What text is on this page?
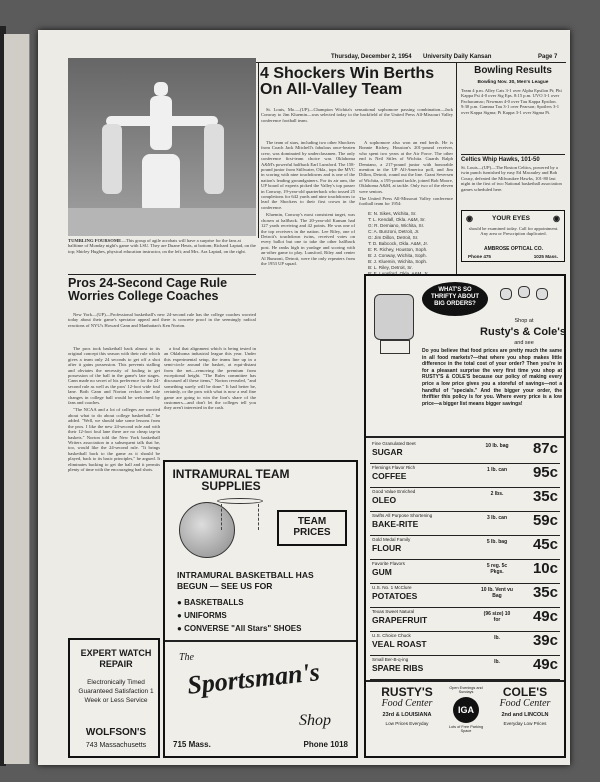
Thursday, December 2, 1954 University Daily Kansan	Page 7
TUMBLING FOURSOME—This group of agile acrobats will have a surprise for the fans at halftime of Monday night's game with LSU. They are Duane Heuts, at bottom; Richard Laptad, on the top; Shirley Hughes, physical education instructor, on the left; and Mrs. Ara Laptad, on the right.
4 Shockers Win Berths On All-Valley Team

St. Louis, Mo.—(UP)—Champion Wichita's sensational sophomore passing combination—Jack Conway to Jim Kluemin—was selected today to the backfield of the United Press All-Missouri Valley conference football team.

The team of stars, including two other Shockers from Coach Jack Mitchell's fabulous once-beaten crew, was dominated by underclassmen. The only conference first-team choice was Oklahoma A&M's powerful halfback Earl Lunsford. The 158-pound junior from Stillwater, Okla., tops the MVC in scoring with nine touchdowns and is one of the nation's leading groundgainers. For its air arm, the UP board of experts picked the Valley's top passer in Conway, 19-year-old quarterback who tossed 25 completions for 642 yards and nine touchdowns to lead the Shockers to their first crown in the conference.

Kluemin, Conway's most consistent target, was chosen at halfback. The 20-year-old Kansan had 127 yards receiving and 42 points. He was one of the top receivers in the nation. Lee Riley, one of Detroit's touchdown twins, received votes on every ballot but one to take the other halfback post. He ranks high in yardage and scoring with an-other game to play. Lunsford, Riley and center Al Bunzoni, Detroit, were the only repeaters from the 1953 UP squad.

A sophomore also won an end berth. He is Bonnie Richey, Houston's 201-pound receiver, who spent two years at the Air Force. The other end is Neil Stiles of Wichita. Guards Ralph Demiano, a 217-pound junior with honorable mention in the UP All-America poll, and Jim Dillon, Detroit, round out the line. Grant Seversen of Wichita, a 195-pound tackle, joined Bob Moore, Oklahoma A&M, at tackle. Only two of the eleven were seniors.

The United Press All-Missouri Valley conference football team for 1954:
E: N. Sikes, Wichita, Sr.
T: L. Kendall, Okla. A&M, Sr.
G: R. Demiano, Wichita, Sr.
C: A. Bunzoni, Detroit, Jr.
G: Jim Dillon, Detroit, Sr.
T: D. Babcock, Okla. A&M, Jr.
E: R. Richey, Houston, Soph.
B: J. Conway, Wichita, Soph.
B: J. Kluemin, Wichita, Soph.
B: L. Riley, Detroit, Sr.
Bowling Results
Bowling Nov. 30, Men's League
Team 4 p.m. Alley Cats 3-1 over Alpha Epsilon Pi; Phi Kappa Psi 4-0 over Sig Eps. 8:15 p.m. UVO 3-1 over Pachacamac; Newman 4-0 over Tau Kappa Epsilon. 9:30 p.m. Gamma Tau 3-1 over Pearson; Spoilers 3-1 over Kappa Sigma; Pi Kappa 3-1 over Sigma Pi.
Celtics Whip Hawks, 101-50
St. Louis—(UP)—The Boston Celtics, powered by a twin punch furnished by easy Ed Macauley and Bob Cousy, defeated the Milwaukee Hawks, 101-80 last night in the first of two National basketball association games scheduled here.
◉	YOUR EYES	◉
should be examined today. Call for appointment. Any area or Prescription duplicated.
AMBROSE OPTICAL CO.
Phone 475	1025 Mass.
Pros 24-Second Cage Rule Worries College Coaches

New York—(UP)—Professional basketball's new 24-second rule has the college coaches worried today about their game's spectator appeal and there is concrete proof in the seemingly radical reactions of NYU's Howard Cann and Manhattan's Ken Norton.

The pros took basketball back almost to its original concept this season with their rule which gives a team only 24 seconds to get off a shot after it gains possession. This prevents stalling and obviates the necessity of fouling to get possession of the ball in the game's late stages. Cann made no secret of his preference for the 24-second rule as well as the pros' 12-foot wide foul lane. Both Cann and Norton reckon the rule changes in college ball would be welcomed by fans and coaches.

"The NCAA and a lot of colleges are worried about what to do about college basketball," he added. "Well, we should take some lessons from the pros. I like the new 24-second rule and with their 12-foot foul lane there are no cheap tap-in baskets." Norton told the New York basketball Writers association in a subsequent talk that he, too, would like the 24-second rule. "It brings basketball back to the game as it should be played, back to its basic principles," he argued. It eliminates backing to get the ball and it permits plenty of time with the encouraging bad shots.

a foul that alignment which is being tested in an Oklahoma industrial league this year. Under this experimental setup, the teams line up in a semi-circle around the basket, at equi-distant from the net—removing the premium from exceptional height. "The Rules committee has discussed all these items," Norton revealed, "and something surely will be done." It had better be, certainly, or the pros with what is now a real fine game are going to win the lion's share of the customers—and don't let the colleges tell you they aren't interested in the cash.

INTRAMURAL TEAM SUPPLIES
TEAM PRICES
INTRAMURAL BASKETBALL HAS BEGUN — SEE US FOR
● BASKETBALLS
● UNIFORMS
● CONVERSE "All Stars" SHOES
The
Sportsman's
Shop
715 Mass.	Phone 1018
EXPERT WATCH REPAIR
Electronically Timed Guaranteed Satisfaction 1 Week or Less Service
WOLFSON'S
743 Massachusetts
WHAT'S SO THRIFTY ABOUT BIG ORDERS?
Shop at
Rusty's & Cole's
and see
Do you believe that food prices are pretty much the same in all food markets?—that where you shop makes little difference in the total cost of your order? Then you're in for a pleasant surprise the very first time you shop at RUSTY'S & COLE'S because our policy of making every price a low price gives you a storeful of savings—not a handful of "specials." And the bigger your order, the thriftier this policy is for you. Where every price is a low price—a bigger list means bigger savings!
Fine Granulated Beet
SUGAR
10 lb. bag	87c
Flemings Flavor Rich
COFFEE
1 lb. can	95c
Good Value Enriched
OLEO
2 lbs.	35c
Swifts All Purpose Shortening
BAKE-RITE
3 lb. can	59c
Gold Medal Family
FLOUR
5 lb. bag	45c
Favorite Flavors
GUM
5 reg. 5c Pkgs.	10c
U.S. No. 1 McClure
POTATOES
10 lb. Vent vu Bag	35c
Texas Sweet Natural
GRAPEFRUIT
(96 size) 10 for	49c
U.S. Choice Chuck
VEAL ROAST
lb.	39c
Small Ber-B-q-ing
SPARE RIBS
lb.	49c
RUSTY'S
Food Center
23rd & LOUISIANA
Low Prices Everyday
Open Evenings and Sundays
IGA
Lots of Free Parking Space
COLE'S
Food Center
2nd and LINCOLN
Everyday Low Prices
